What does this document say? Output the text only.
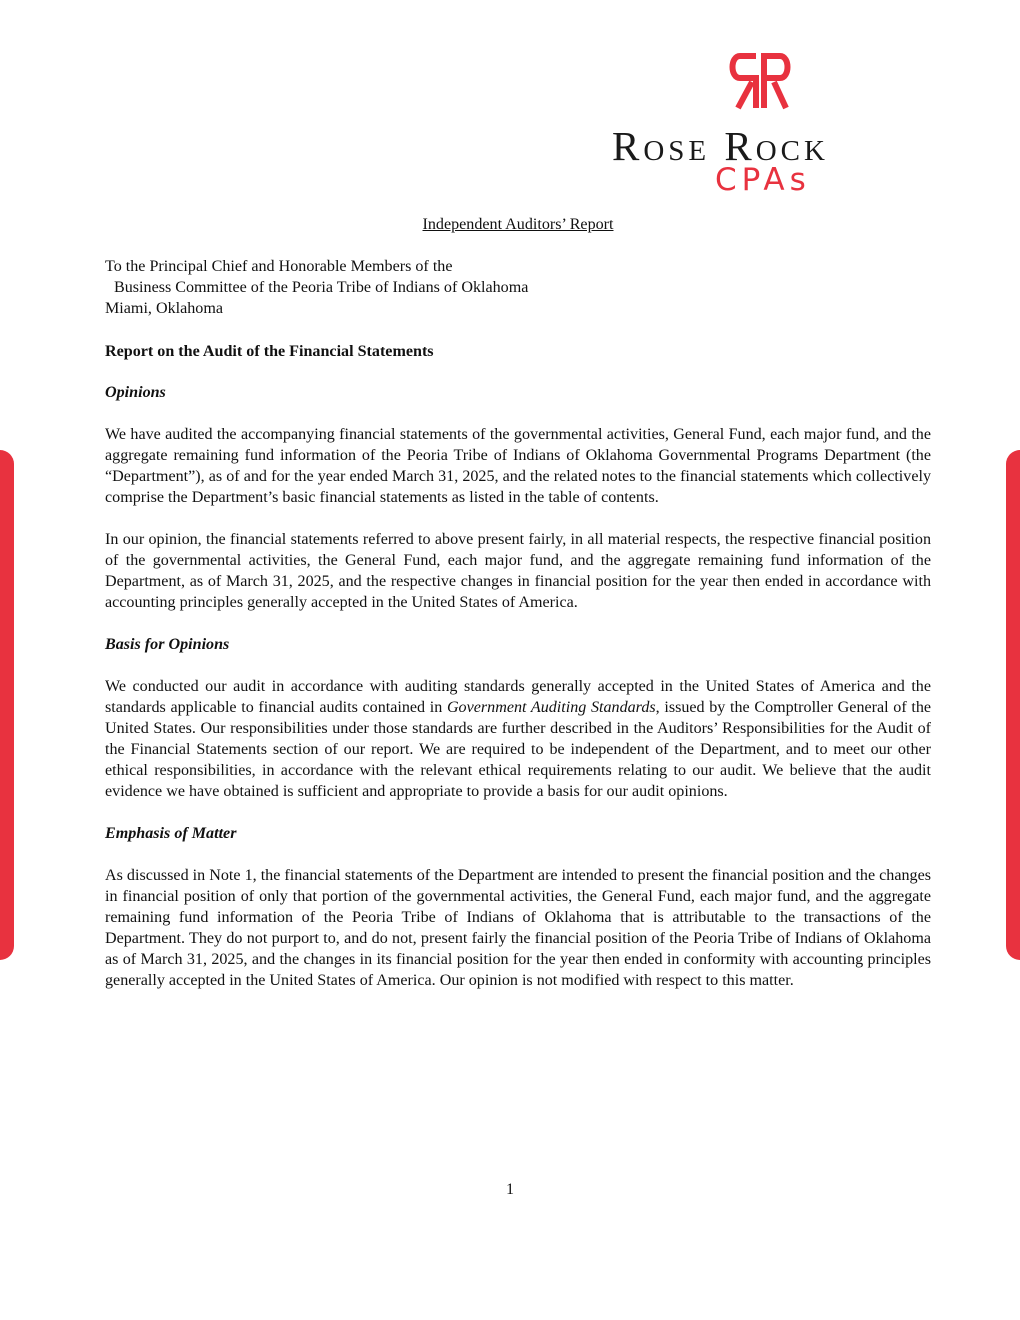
Rose Rock
CPAs
Independent Auditors’ Report
To the Principal Chief and Honorable Members of the
Business Committee of the Peoria Tribe of Indians of Oklahoma
Miami, Oklahoma
Report on the Audit of the Financial Statements
Opinions

We have audited the accompanying financial statements of the governmental activities, General Fund, each major fund, and the aggregate remaining fund information of the Peoria Tribe of Indians of Oklahoma Governmental Programs Department (the “Department”), as of and for the year ended March 31, 2025, and the related notes to the financial statements which collectively comprise the Department’s basic financial statements as listed in the table of contents.

In our opinion, the financial statements referred to above present fairly, in all material respects, the respective financial position of the governmental activities, the General Fund, each major fund, and the aggregate remaining fund information of the Department, as of March 31, 2025, and the respective changes in financial position for the year then ended in accordance with accounting principles generally accepted in the United States of America.

Basis for Opinions

We conducted our audit in accordance with auditing standards generally accepted in the United States of America and the standards applicable to financial audits contained in Government Auditing Standards, issued by the Comptroller General of the United States. Our responsibilities under those standards are further described in the Auditors’ Responsibilities for the Audit of the Financial Statements section of our report. We are required to be independent of the Department, and to meet our other ethical responsibilities, in accordance with the relevant ethical requirements relating to our audit. We believe that the audit evidence we have obtained is sufficient and appropriate to provide a basis for our audit opinions.

Emphasis of Matter

As discussed in Note 1, the financial statements of the Department are intended to present the financial position and the changes in financial position of only that portion of the governmental activities, the General Fund, each major fund, and the aggregate remaining fund information of the Peoria Tribe of Indians of Oklahoma that is attributable to the transactions of the Department. They do not purport to, and do not, present fairly the financial position of the Peoria Tribe of Indians of Oklahoma as of March 31, 2025, and the changes in its financial position for the year then ended in conformity with accounting principles generally accepted in the United States of America. Our opinion is not modified with respect to this matter.

1
